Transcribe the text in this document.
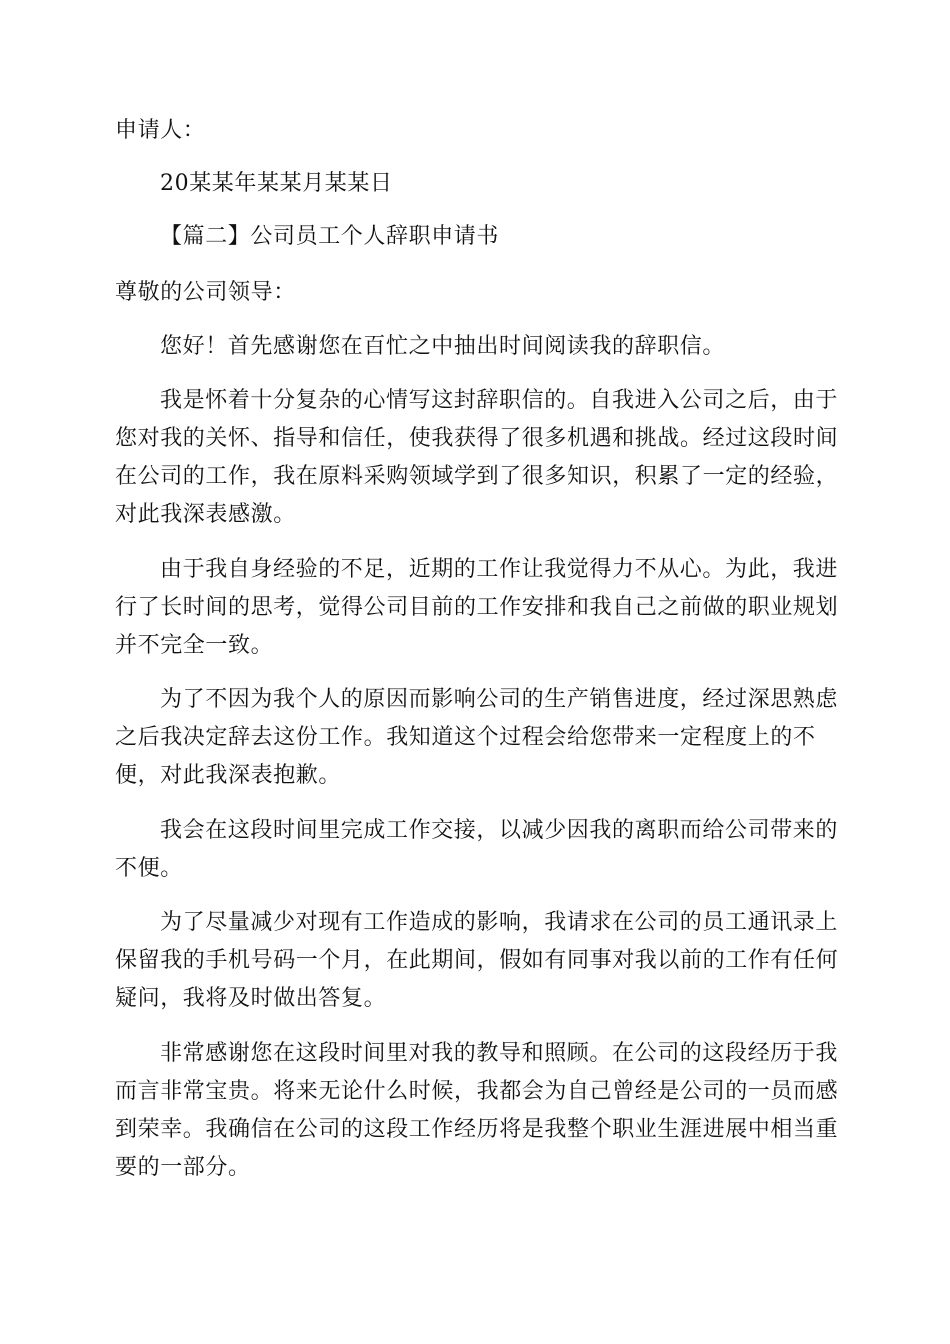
申请人：
20某某年某某月某某日
【篇二】公司员工个人辞职申请书
尊敬的公司领导：
您好！首先感谢您在百忙之中抽出时间阅读我的辞职信。
我是怀着十分复杂的心情写这封辞职信的。自我进入公司之后，由于
您对我的关怀、指导和信任，使我获得了很多机遇和挑战。经过这段时间
在公司的工作，我在原料采购领域学到了很多知识，积累了一定的经验，
对此我深表感激。
由于我自身经验的不足，近期的工作让我觉得力不从心。为此，我进
行了长时间的思考，觉得公司目前的工作安排和我自己之前做的职业规划
并不完全一致。
为了不因为我个人的原因而影响公司的生产销售进度，经过深思熟虑
之后我决定辞去这份工作。我知道这个过程会给您带来一定程度上的不
便，对此我深表抱歉。
我会在这段时间里完成工作交接，以减少因我的离职而给公司带来的
不便。
为了尽量减少对现有工作造成的影响，我请求在公司的员工通讯录上
保留我的手机号码一个月，在此期间，假如有同事对我以前的工作有任何
疑问，我将及时做出答复。
非常感谢您在这段时间里对我的教导和照顾。在公司的这段经历于我
而言非常宝贵。将来无论什么时候，我都会为自己曾经是公司的一员而感
到荣幸。我确信在公司的这段工作经历将是我整个职业生涯进展中相当重
要的一部分。
